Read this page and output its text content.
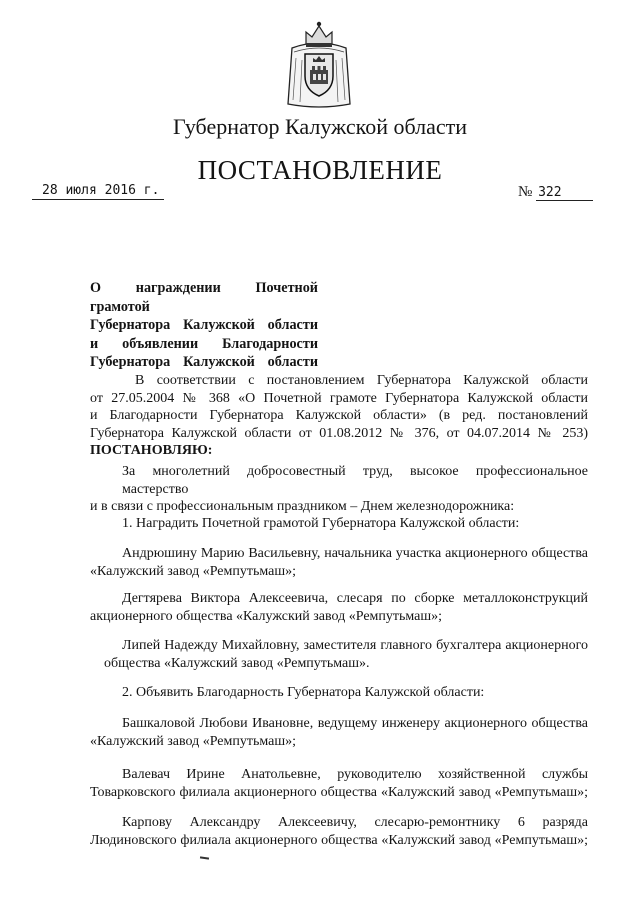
Губернатор Калужской области
ПОСТАНОВЛЕНИЕ
28 июля 2016 г.	№ 322
О награждении Почетной грамотой
Губернатора Калужской области
и объявлении Благодарности
Губернатора Калужской области
В соответствии с постановлением Губернатора Калужской области
от 27.05.2004 № 368 «О Почетной грамоте Губернатора Калужской области
и Благодарности Губернатора Калужской области» (в ред. постановлений
Губернатора Калужской области от 01.08.2012 № 376, от 04.07.2014 № 253)
ПОСТАНОВЛЯЮ:
За многолетний добросовестный труд, высокое профессиональное мастерство
и в связи с профессиональным праздником – Днем железнодорожника:
1. Наградить Почетной грамотой Губернатора Калужской области:
Андрюшину Марию Васильевну, начальника участка акционерного общества
«Калужский завод «Ремпутьмаш»;
Дегтярева Виктора Алексеевича, слесаря по сборке металлоконструкций
акционерного общества «Калужский завод «Ремпутьмаш»;
Липей Надежду Михайловну, заместителя главного бухгалтера акционерного
общества «Калужский завод «Ремпутьмаш».
2. Объявить Благодарность Губернатора Калужской области:
Башкаловой Любови Ивановне, ведущему инженеру акционерного общества
«Калужский завод «Ремпутьмаш»;
Валевач Ирине Анатольевне, руководителю хозяйственной службы
Товарковского филиала акционерного общества «Калужский завод «Ремпутьмаш»;
Карпову Александру Алексеевичу, слесарю-ремонтнику 6 разряда
Людиновского филиала акционерного общества «Калужский завод «Ремпутьмаш»;
